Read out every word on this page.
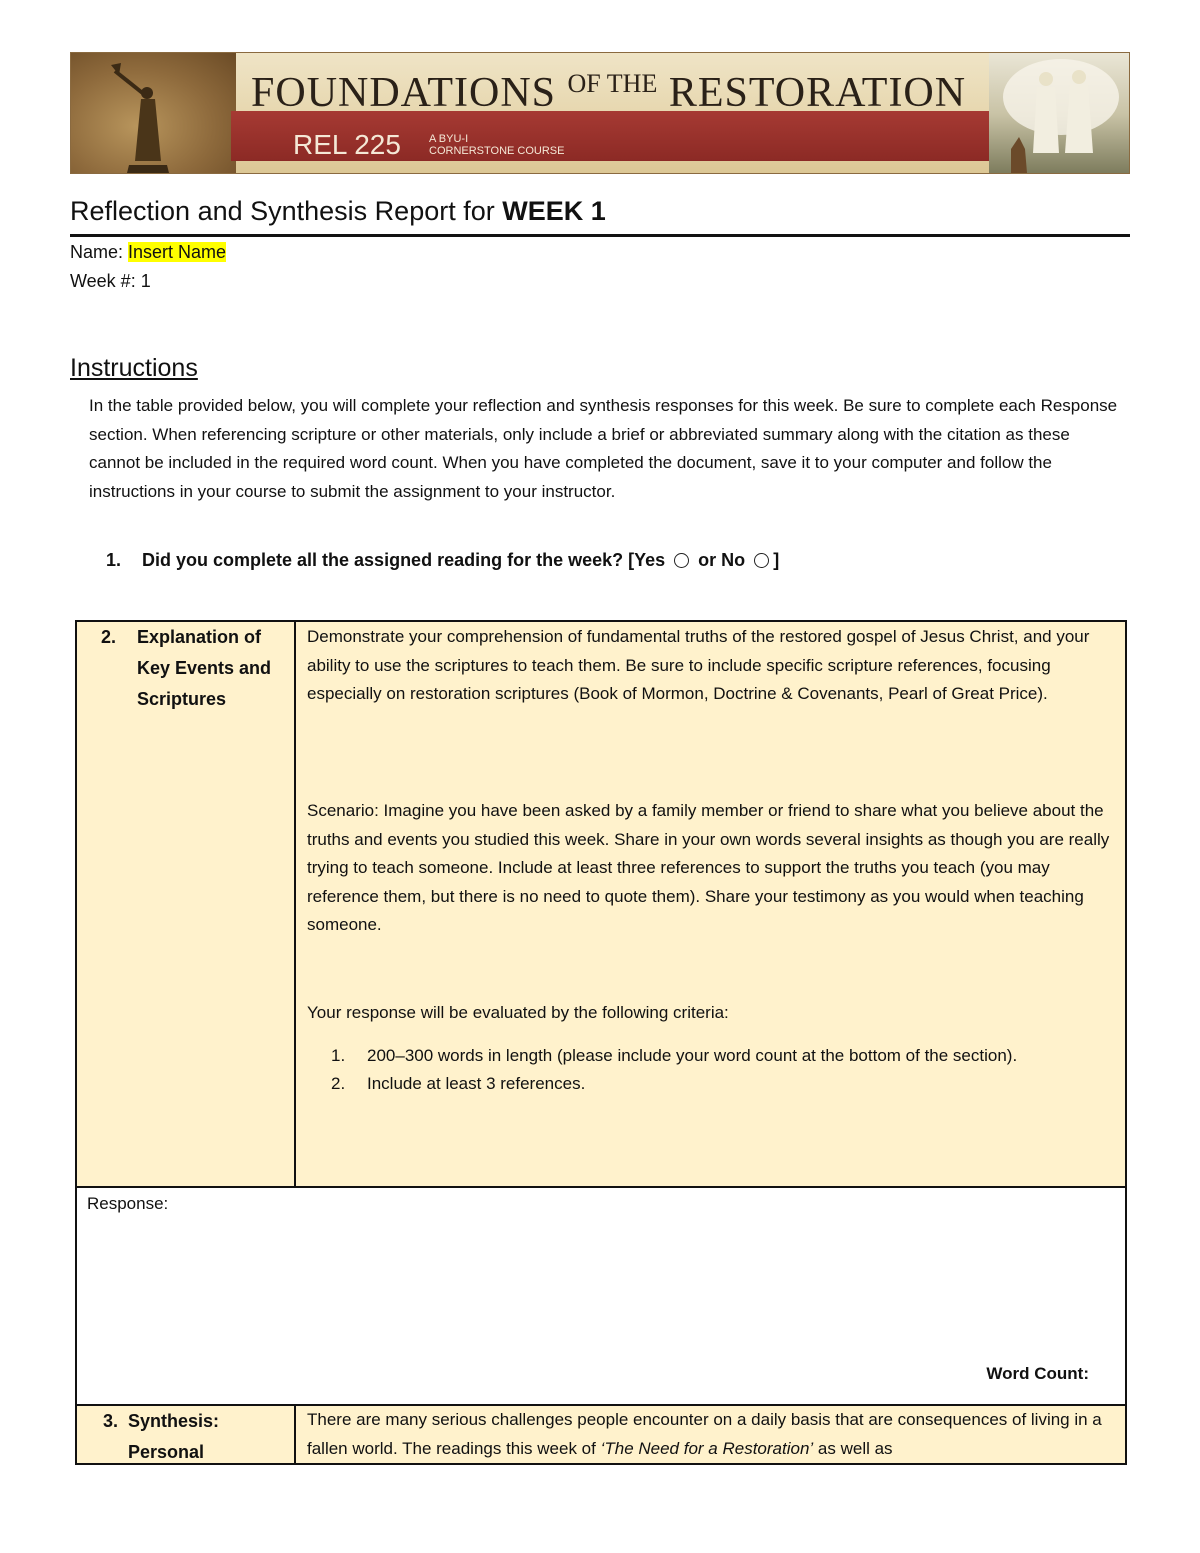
FOUNDATIONS $^{OF THE}$ RESTORATION
REL 225	A BYU-I
CORNERSTONE COURSE
Reflection and Synthesis Report for WEEK 1
Name: Insert Name
Week #: 1
Instructions
In the table provided below, you will complete your reflection and synthesis responses for this week. Be sure to complete each Response section. When referencing scripture or other materials, only include a brief or abbreviated summary along with the citation as these cannot be included in the required word count. When you have completed the document, save it to your computer and follow the instructions in your course to submit the assignment to your instructor.
1. Did you complete all the assigned reading for the week? [Yes or No ]
2. Explanation of
Key Events and
Scriptures
Demonstrate your comprehension of fundamental truths of the restored gospel of Jesus Christ, and your ability to use the scriptures to teach them. Be sure to include specific scripture references, focusing especially on restoration scriptures (Book of Mormon, Doctrine & Covenants, Pearl of Great Price).
Scenario: Imagine you have been asked by a family member or friend to share what you believe about the truths and events you studied this week. Share in your own words several insights as though you are really trying to teach someone. Include at least three references to support the truths you teach (you may reference them, but there is no need to quote them). Share your testimony as you would when teaching someone.
Your response will be evaluated by the following criteria:
1. 200–300 words in length (please include your word count at the bottom of the section).
2. Include at least 3 references.
Response:
Word Count:
3. Synthesis:
Personal
There are many serious challenges people encounter on a daily basis that are consequences of living in a fallen world. The readings this week of ‘The Need for a Restoration’ as well as
